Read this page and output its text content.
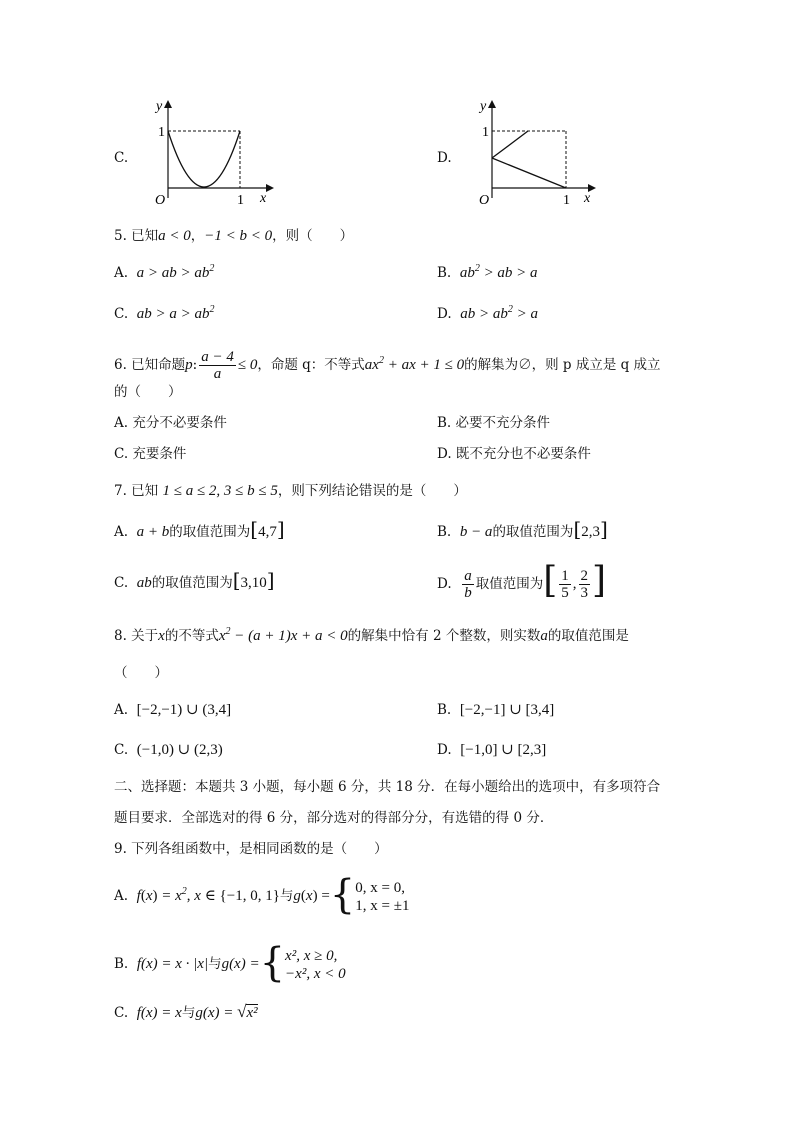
C.
y
x
O
1
1
D.
y
x
O
1
1
5. 已知a < 0，−1 < b < 0，则（　　）
A. a > ab > $ab^2$	B. $ab^2$ > ab > a
C. ab > $a > ab^2$	D. ab > $ab^2 > a$
6. 已知命题p: $\frac{a - 4}{a} \le 0$，命题 q：不等式$ax^2$ + ax + 1 ≤ 0的解集为∅，则 p 成立是 q 成立
的（　　）
A. 充分不必要条件	B. 必要不充分条件
C. 充要条件	D. 既不充分也不必要条件
7. 已知 1 ≤ a ≤ 2, 3 ≤ b ≤ 5，则下列结论错误的是（　　）
A. a + b的取值范围为[4,7]	B. b − a的取值范围为[2,3]
C. ab的取值范围为[3,10]	D. $\frac{a}{b}$ 取值范围为[ $\frac{1}{5}$ , $\frac{2}{3}$ ]
8. 关于x的不等式$x^2 - (a + 1)x + a < 0$的解集中恰有 2 个整数，则实数a的取值范围是
（　　）
A. [−2,−1) ∪ (3,4]	B. [−2,−1] ∪ [3,4]
C. (−1,0) ∪ (2,3)	D. [−1,0] ∪ [2,3]
二、选择题：本题共 3 小题，每小题 6 分，共 18 分．在每小题给出的选项中，有多项符合
题目要求．全部选对的得 6 分，部分选对的得部分分，有选错的得 0 分．
9. 下列各组函数中，是相同函数的是（　　）
A. $f(x) = x^2$, x ∈ {−1, 0, 1}与g(x) ={ 0, x = 0,
1, x = ±1
B. f(x) = x · |x|与g(x) ={ x², x ≥ 0,
−x², x < 0
C. f(x) = x与g(x) = √x²
